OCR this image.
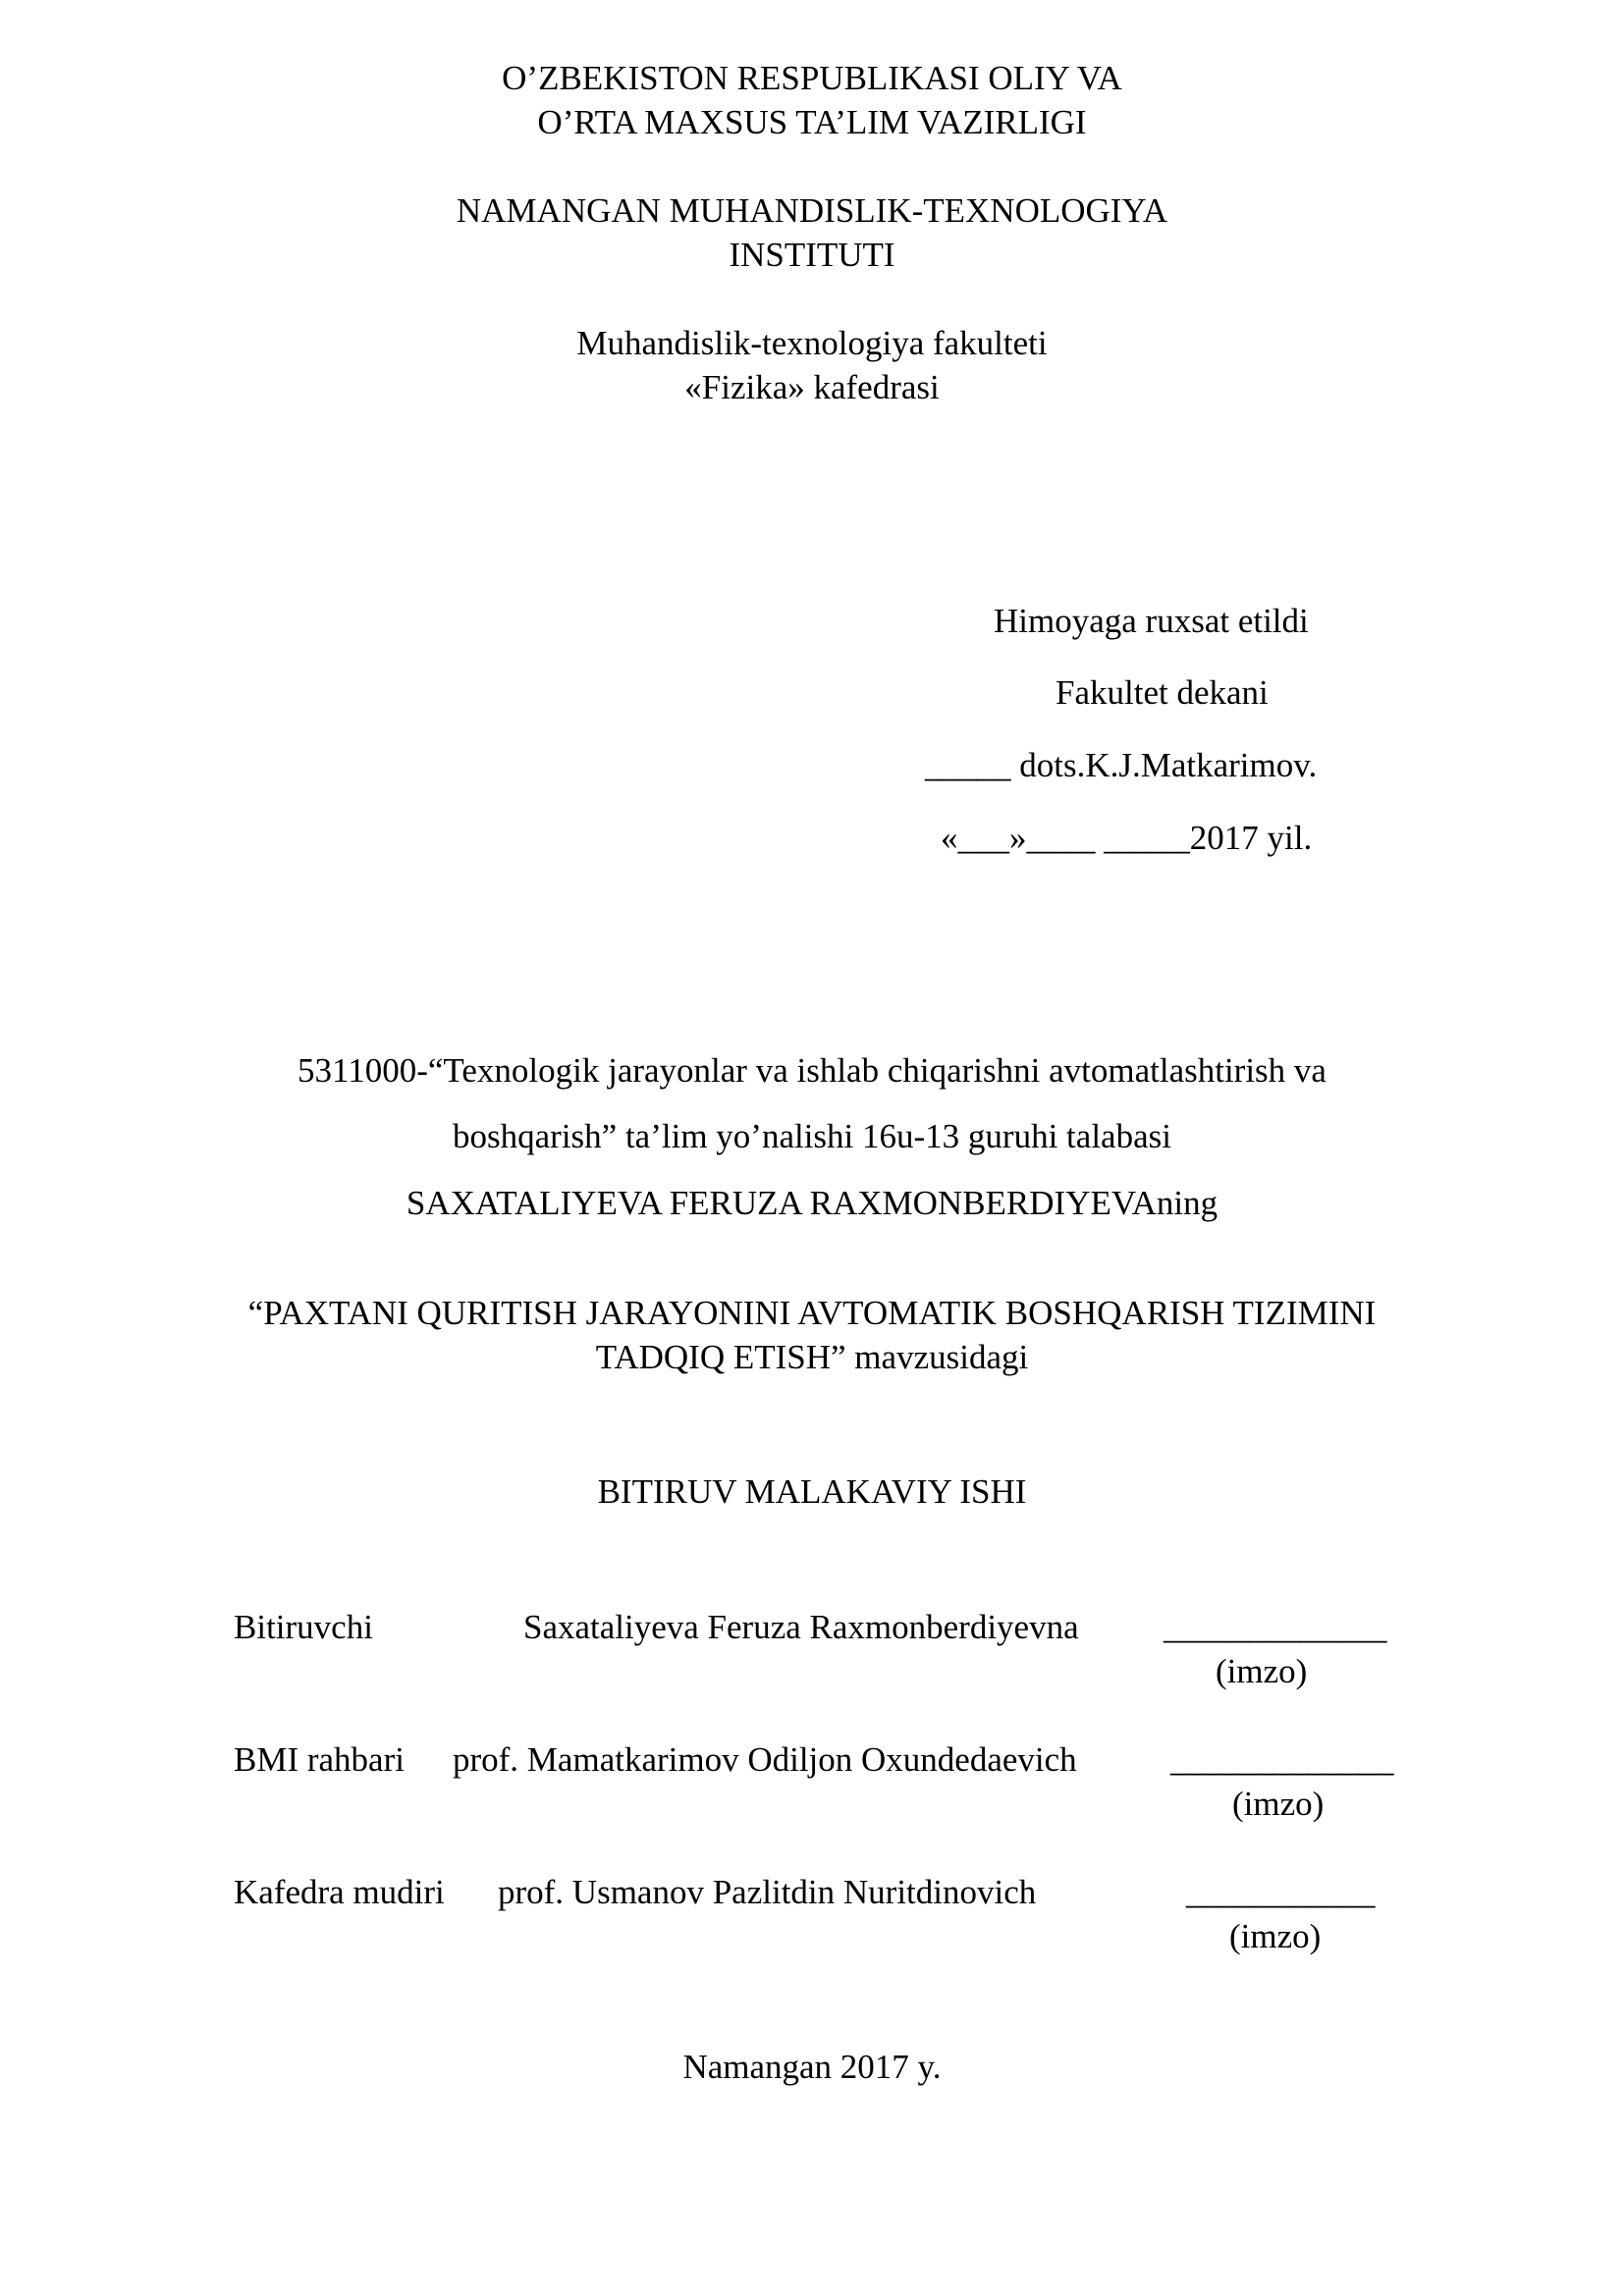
O’ZBEKISTON RESPUBLIKASI OLIY VA
O’RTA MAXSUS TA’LIM VAZIRLIGI
NAMANGAN MUHANDISLIK-TEXNOLOGIYA
INSTITUTI
Muhandislik-texnologiya fakulteti
«Fizika» kafedrasi
Himoyaga ruxsat etildi
Fakultet dekani
_____ dots.K.J.Matkarimov.
«___»____ _____2017 yil.
5311000-“Texnologik jarayonlar va ishlab chiqarishni avtomatlashtirish va
boshqarish” ta’lim yo’nalishi 16u-13 guruhi talabasi
SAXATALIYEVA FERUZA RAXMONBERDIYEVAning
“PAXTANI QURITISH JARAYONINI AVTOMATIK BOSHQARISH TIZIMINI
TADQIQ ETISH” mavzusidagi
BITIRUV MALAKAVIY ISHI
Bitiruvchi	Saxataliyeva Feruza Raxmonberdiyevna _____________
(imzo)
BMI rahbari prof. Mamatkarimov Odiljon Oxundedaevich	_____________
(imzo)
Kafedra mudiri prof. Usmanov Pazlitdin Nuritdinovich	___________
(imzo)
Namangan 2017 y.
